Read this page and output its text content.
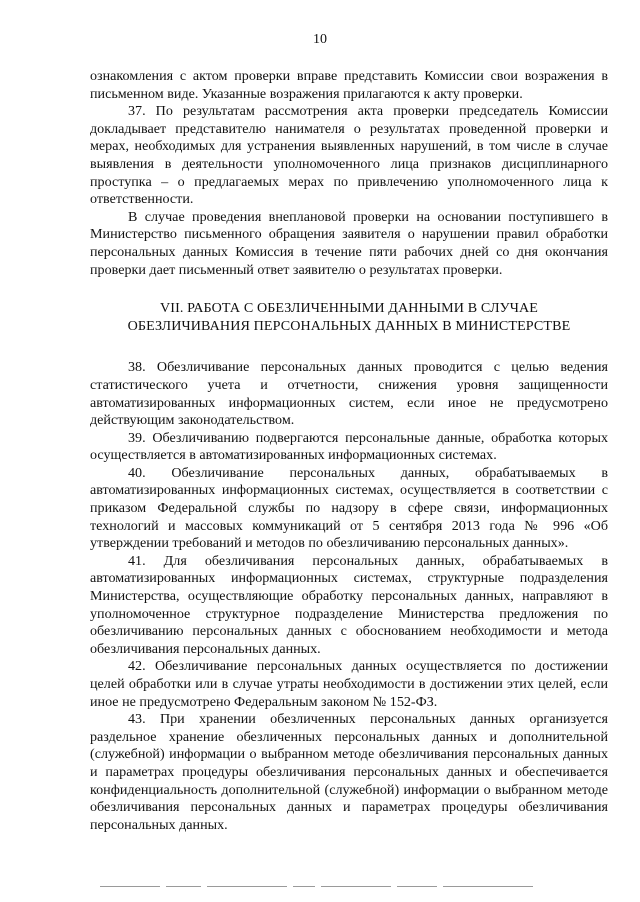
10

ознакомления с актом проверки вправе представить Комиссии свои возражения в письменном виде. Указанные возражения прилагаются к акту проверки.

37. По результатам рассмотрения акта проверки председатель Комиссии докладывает представителю нанимателя о результатах проведенной проверки и мерах, необходимых для устранения выявленных нарушений, в том числе в случае выявления в деятельности уполномоченного лица признаков дисциплинарного проступка – о предлагаемых мерах по привлечению уполномоченного лица к ответственности.

В случае проведения внеплановой проверки на основании поступившего в Министерство письменного обращения заявителя о нарушении правил обработки персональных данных Комиссия в течение пяти рабочих дней со дня окончания проверки дает письменный ответ заявителю о результатах проверки.

VII. РАБОТА С ОБЕЗЛИЧЕННЫМИ ДАННЫМИ В СЛУЧАЕ
ОБЕЗЛИЧИВАНИЯ ПЕРСОНАЛЬНЫХ ДАННЫХ В МИНИСТЕРСТВЕ

38. Обезличивание персональных данных проводится с целью ведения статистического учета и отчетности, снижения уровня защищенности автоматизированных информационных систем, если иное не предусмотрено действующим законодательством.

39. Обезличиванию подвергаются персональные данные, обработка которых осуществляется в автоматизированных информационных системах.

40. Обезличивание персональных данных, обрабатываемых в автоматизированных информационных системах, осуществляется в соответствии с приказом Федеральной службы по надзору в сфере связи, информационных технологий и массовых коммуникаций от 5 сентября 2013 года № 996 «Об утверждении требований и методов по обезличиванию персональных данных».

41. Для обезличивания персональных данных, обрабатываемых в автоматизированных информационных системах, структурные подразделения Министерства, осуществляющие обработку персональных данных, направляют в уполномоченное структурное подразделение Министерства предложения по обезличиванию персональных данных с обоснованием необходимости и метода обезличивания персональных данных.

42. Обезличивание персональных данных осуществляется по достижении целей обработки или в случае утраты необходимости в достижении этих целей, если иное не предусмотрено Федеральным законом № 152-ФЗ.

43. При хранении обезличенных персональных данных организуется раздельное хранение обезличенных персональных данных и дополнительной (служебной) информации о выбранном методе обезличивания персональных данных и параметрах процедуры обезличивания персональных данных и обеспечивается конфиденциальность дополнительной (служебной) информации о выбранном методе обезличивания персональных данных и параметрах процедуры обезличивания персональных данных.
